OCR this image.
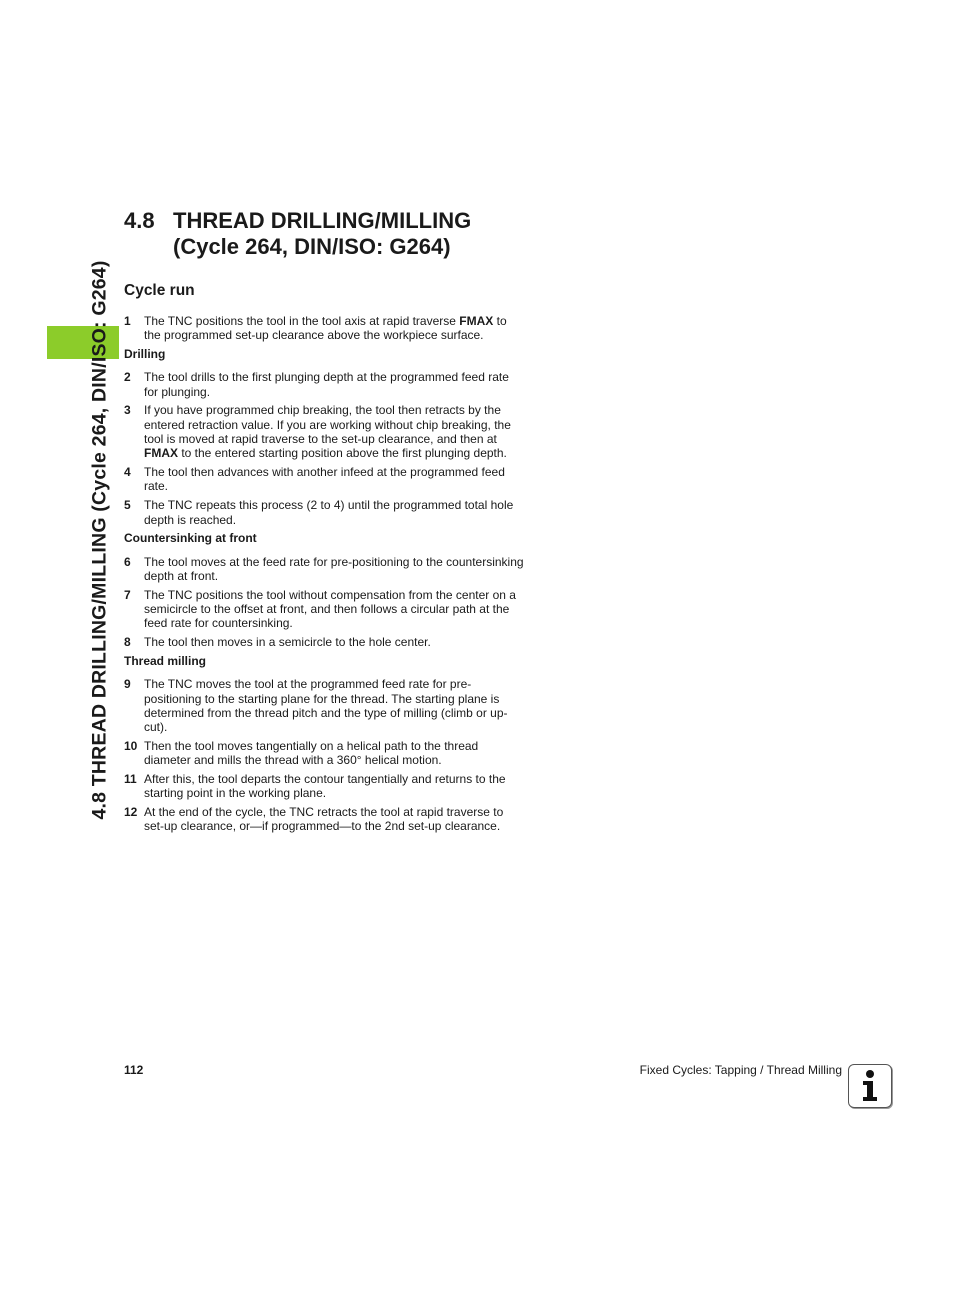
4.8 THREAD DRILLING/MILLING (Cycle 264, DIN/ISO: G264)
4.8 THREAD DRILLING/MILLING
(Cycle 264, DIN/ISO: G264)
Cycle run
1 The TNC positions the tool in the tool axis at rapid traverse FMAX to the programmed set-up clearance above the workpiece surface.
Drilling
2 The tool drills to the first plunging depth at the programmed feed rate for plunging.
3 If you have programmed chip breaking, the tool then retracts by the entered retraction value. If you are working without chip breaking, the tool is moved at rapid traverse to the set-up clearance, and then at FMAX to the entered starting position above the first plunging depth.
4 The tool then advances with another infeed at the programmed feed rate.
5 The TNC repeats this process (2 to 4) until the programmed total hole depth is reached.
Countersinking at front
6 The tool moves at the feed rate for pre-positioning to the countersinking depth at front.
7 The TNC positions the tool without compensation from the center on a semicircle to the offset at front, and then follows a circular path at the feed rate for countersinking.
8 The tool then moves in a semicircle to the hole center.
Thread milling
9 The TNC moves the tool at the programmed feed rate for pre-positioning to the starting plane for the thread. The starting plane is determined from the thread pitch and the type of milling (climb or up-cut).
10 Then the tool moves tangentially on a helical path to the thread diameter and mills the thread with a 360° helical motion.
11 After this, the tool departs the contour tangentially and returns to the starting point in the working plane.
12 At the end of the cycle, the TNC retracts the tool at rapid traverse to set-up clearance, or—if programmed—to the 2nd set-up clearance.
112	Fixed Cycles: Tapping / Thread Milling
